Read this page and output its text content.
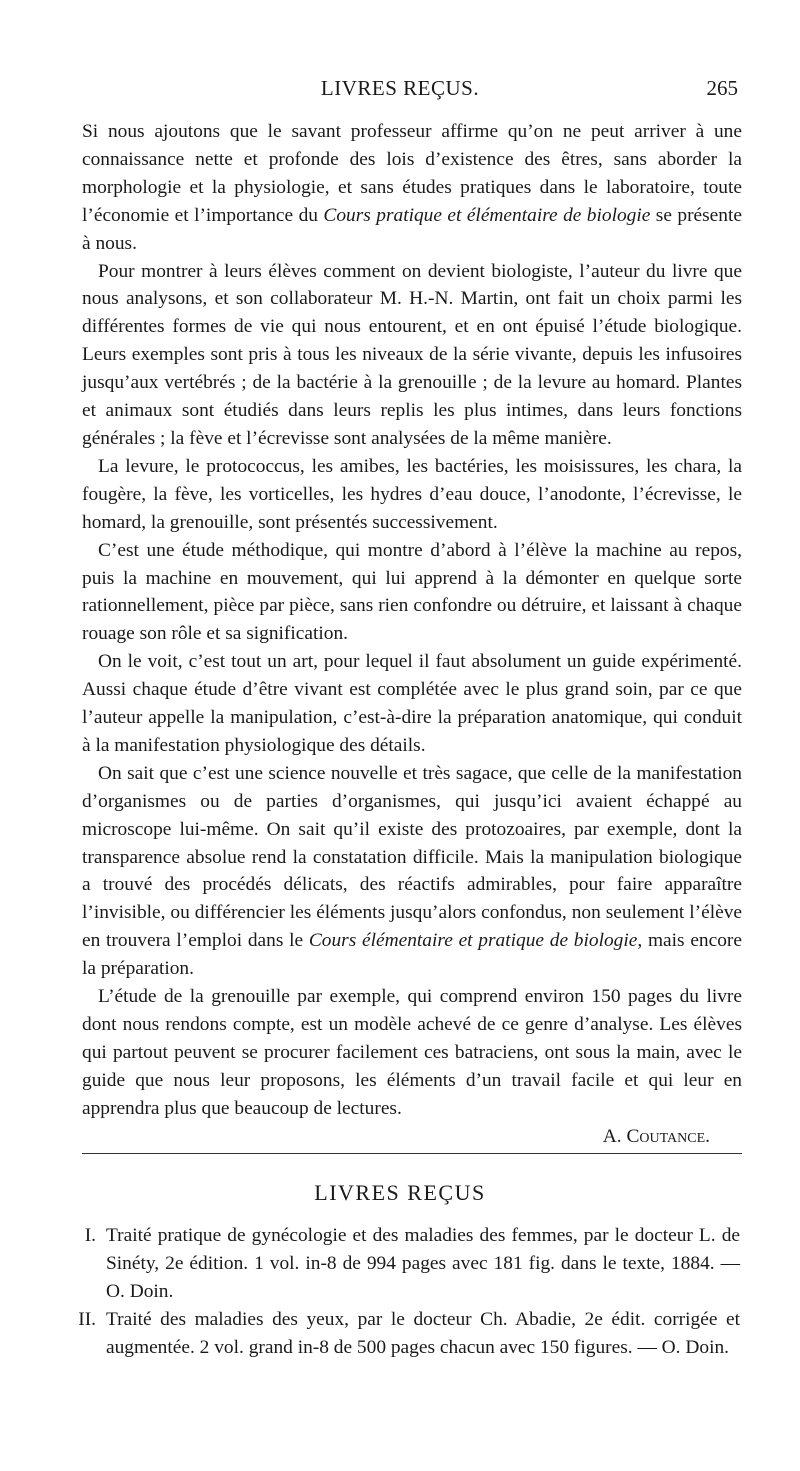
LIVRES REÇUS.	265

Si nous ajoutons que le savant professeur affirme qu’on ne peut arriver à une connaissance nette et profonde des lois d’existence des êtres, sans aborder la morphologie et la physiologie, et sans études pratiques dans le laboratoire, toute l’économie et l’importance du Cours pratique et élémentaire de biologie se présente à nous.

Pour montrer à leurs élèves comment on devient biologiste, l’auteur du livre que nous analysons, et son collaborateur M. H.-N. Martin, ont fait un choix parmi les différentes formes de vie qui nous entourent, et en ont épuisé l’étude biologique. Leurs exemples sont pris à tous les niveaux de la série vivante, depuis les infusoires jusqu’aux vertébrés ; de la bactérie à la grenouille ; de la levure au homard. Plantes et animaux sont étudiés dans leurs replis les plus intimes, dans leurs fonctions générales ; la fève et l’écrevisse sont analysées de la même manière.

La levure, le protococcus, les amibes, les bactéries, les moisissures, les chara, la fougère, la fève, les vorticelles, les hydres d’eau douce, l’anodonte, l’écrevisse, le homard, la grenouille, sont présentés successivement.

C’est une étude méthodique, qui montre d’abord à l’élève la machine au repos, puis la machine en mouvement, qui lui apprend à la démonter en quelque sorte rationnellement, pièce par pièce, sans rien confondre ou détruire, et laissant à chaque rouage son rôle et sa signification.

On le voit, c’est tout un art, pour lequel il faut absolument un guide expérimenté. Aussi chaque étude d’être vivant est complétée avec le plus grand soin, par ce que l’auteur appelle la manipulation, c’est-à-dire la préparation anatomique, qui conduit à la manifestation physiologique des détails.

On sait que c’est une science nouvelle et très sagace, que celle de la manifestation d’organismes ou de parties d’organismes, qui jusqu’ici avaient échappé au microscope lui-même. On sait qu’il existe des protozoaires, par exemple, dont la transparence absolue rend la constatation difficile. Mais la manipulation biologique a trouvé des procédés délicats, des réactifs admirables, pour faire apparaître l’invisible, ou différencier les éléments jusqu’alors confondus, non seulement l’élève en trouvera l’emploi dans le Cours élémentaire et pratique de biologie, mais encore la préparation.

L’étude de la grenouille par exemple, qui comprend environ 150 pages du livre dont nous rendons compte, est un modèle achevé de ce genre d’analyse. Les élèves qui partout peuvent se procurer facilement ces batraciens, ont sous la main, avec le guide que nous leur proposons, les éléments d’un travail facile et qui leur en apprendra plus que beaucoup de lectures.

A. Coutance.
LIVRES REÇUS
I. Traité pratique de gynécologie et des maladies des femmes, par le docteur L. de Sinéty, 2e édition. 1 vol. in-8 de 994 pages avec 181 fig. dans le texte, 1884. — O. Doin.
II. Traité des maladies des yeux, par le docteur Ch. Abadie, 2e édit. corrigée et augmentée. 2 vol. grand in-8 de 500 pages chacun avec 150 figures. — O. Doin.
